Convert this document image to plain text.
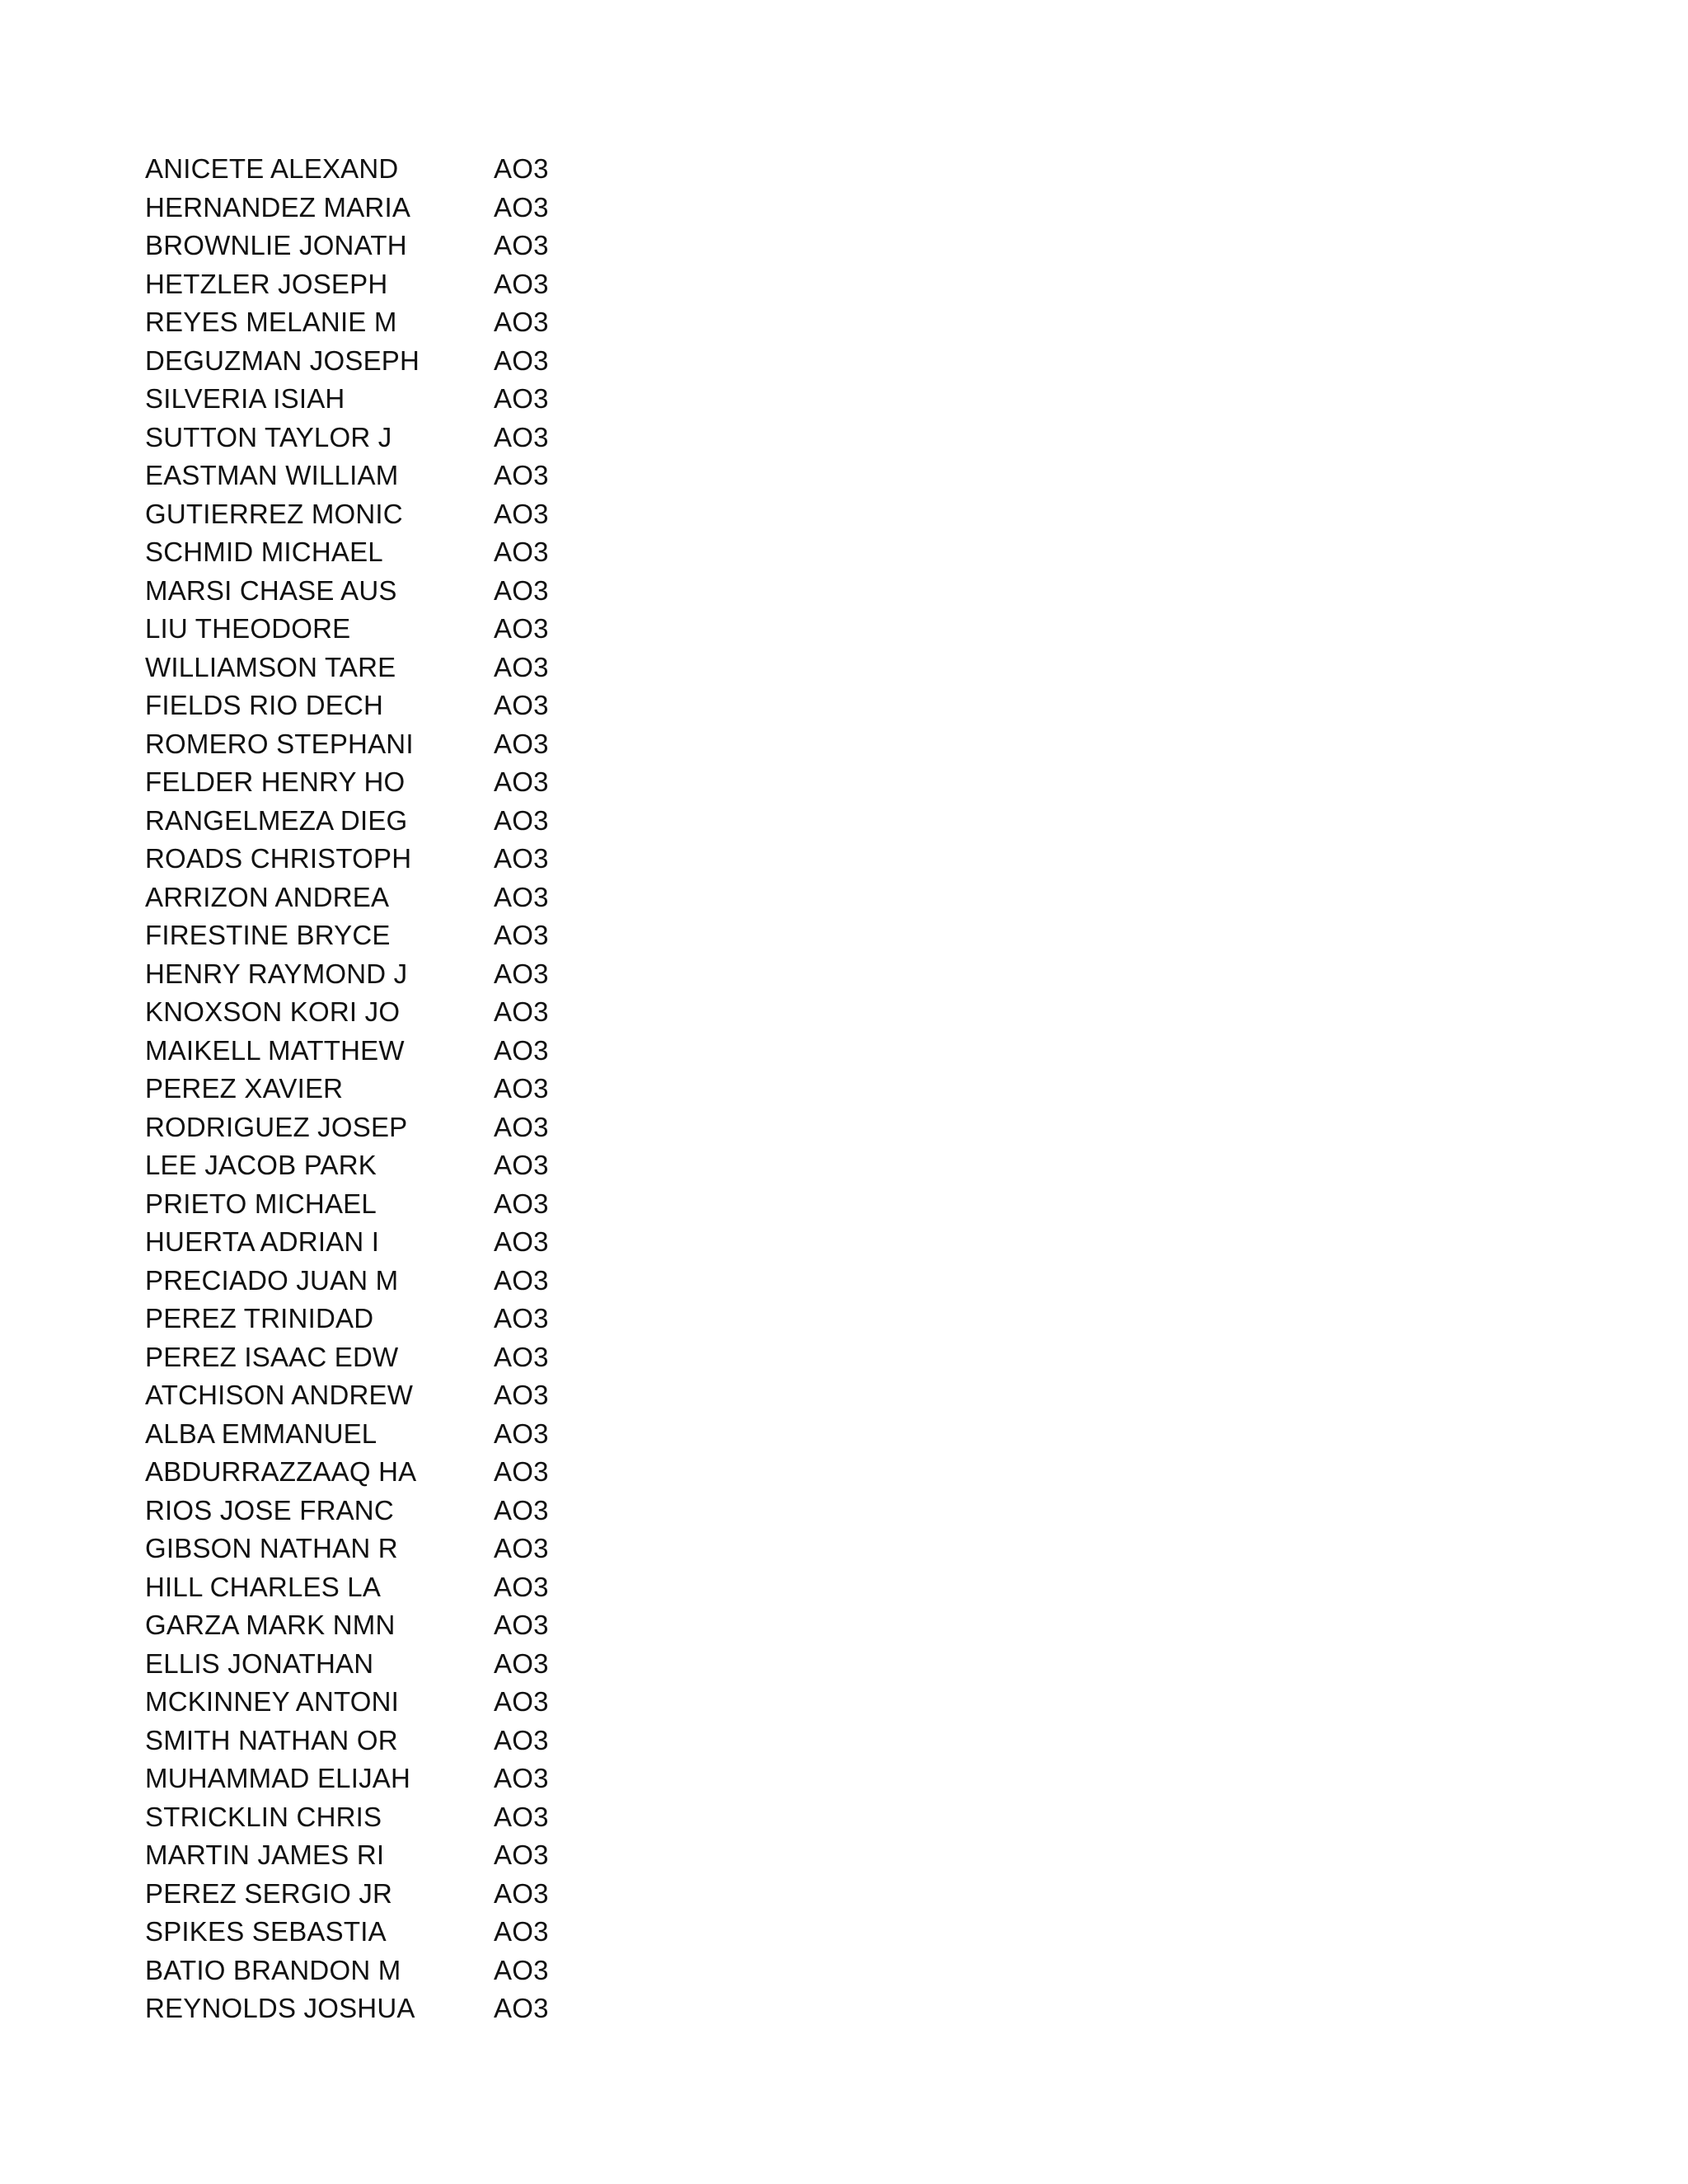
ANICETE ALEXAND	AO3
HERNANDEZ MARIA	AO3
BROWNLIE JONATH	AO3
HETZLER JOSEPH	AO3
REYES MELANIE M	AO3
DEGUZMAN JOSEPH	AO3
SILVERIA ISIAH	AO3
SUTTON TAYLOR J	AO3
EASTMAN WILLIAM	AO3
GUTIERREZ MONIC	AO3
SCHMID MICHAEL	AO3
MARSI CHASE AUS	AO3
LIU THEODORE	AO3
WILLIAMSON TARE	AO3
FIELDS RIO DECH	AO3
ROMERO STEPHANI	AO3
FELDER HENRY HO	AO3
RANGELMEZA DIEG	AO3
ROADS CHRISTOPH	AO3
ARRIZON ANDREA	AO3
FIRESTINE BRYCE	AO3
HENRY RAYMOND J	AO3
KNOXSON KORI JO	AO3
MAIKELL MATTHEW	AO3
PEREZ XAVIER	AO3
RODRIGUEZ JOSEP	AO3
LEE JACOB PARK	AO3
PRIETO MICHAEL	AO3
HUERTA ADRIAN I	AO3
PRECIADO JUAN M	AO3
PEREZ TRINIDAD	AO3
PEREZ ISAAC EDW	AO3
ATCHISON ANDREW	AO3
ALBA EMMANUEL	AO3
ABDURRAZZAAQ HA	AO3
RIOS JOSE FRANC	AO3
GIBSON NATHAN R	AO3
HILL CHARLES LA	AO3
GARZA MARK NMN	AO3
ELLIS JONATHAN	AO3
MCKINNEY ANTONI	AO3
SMITH NATHAN OR	AO3
MUHAMMAD ELIJAH	AO3
STRICKLIN CHRIS	AO3
MARTIN JAMES RI	AO3
PEREZ SERGIO JR	AO3
SPIKES SEBASTIA	AO3
BATIO BRANDON M	AO3
REYNOLDS JOSHUA	AO3
